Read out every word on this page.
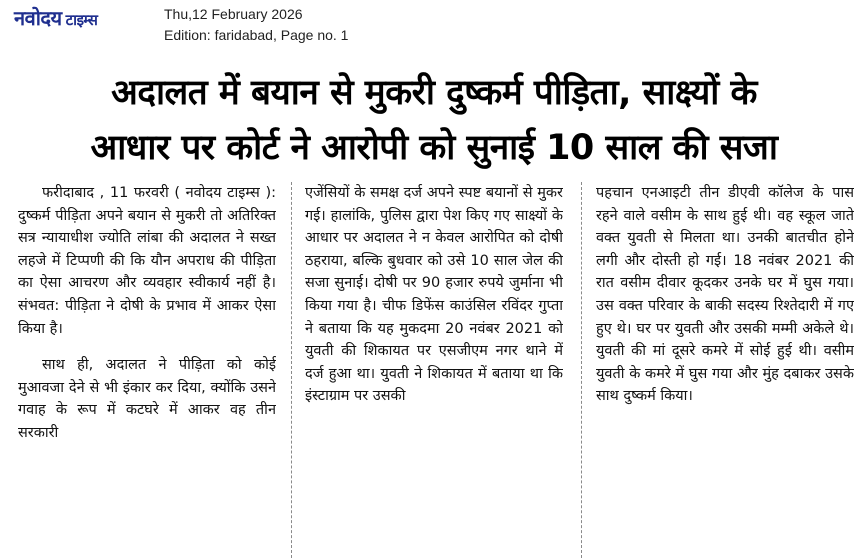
नवोदय टाइम्स	Thu,12 February 2026
Edition: faridabad, Page no. 1
अदालत में बयान से मुकरी दुष्कर्म पीड़िता, साक्ष्यों के
आधार पर कोर्ट ने आरोपी को सुनाई 10 साल की सजा

फरीदाबाद , 11 फरवरी ( नवोदय टाइम्स ): दुष्कर्म पीड़िता अपने बयान से मुकरी तो अतिरिक्त सत्र न्यायाधीश ज्योति लांबा की अदालत ने सख्त लहजे में टिप्पणी की कि यौन अपराध की पीड़िता का ऐसा आचरण और व्यवहार स्वीकार्य नहीं है। संभवत: पीड़िता ने दोषी के प्रभाव में आकर ऐसा किया है।

साथ ही, अदालत ने पीड़िता को कोई मुआवजा देने से भी इंकार कर दिया, क्योंकि उसने गवाह के रूप में कटघरे में आकर वह तीन सरकारी

एजेंसियों के समक्ष दर्ज अपने स्पष्ट बयानों से मुकर गई। हालांकि, पुलिस द्वारा पेश किए गए साक्ष्यों के आधार पर अदालत ने न केवल आरोपित को दोषी ठहराया, बल्कि बुधवार को उसे 10 साल जेल की सजा सुनाई। दोषी पर 90 हजार रुपये जुर्माना भी किया गया है। चीफ डिफेंस काउंसिल रविंदर गुप्ता ने बताया कि यह मुकदमा 20 नवंबर 2021 को युवती की शिकायत पर एसजीएम नगर थाने में दर्ज हुआ था। युवती ने शिकायत में बताया था कि इंस्टाग्राम पर उसकी

पहचान एनआइटी तीन डीएवी कॉलेज के पास रहने वाले वसीम के साथ हुई थी। वह स्कूल जाते वक्त युवती से मिलता था। उनकी बातचीत होने लगी और दोस्ती हो गई। 18 नवंबर 2021 की रात वसीम दीवार कूदकर उनके घर में घुस गया। उस वक्त परिवार के बाकी सदस्य रिश्तेदारी में गए हुए थे। घर पर युवती और उसकी मम्मी अकेले थे। युवती की मां दूसरे कमरे में सोई हुई थी। वसीम युवती के कमरे में घुस गया और मुंह दबाकर उसके साथ दुष्कर्म किया।
